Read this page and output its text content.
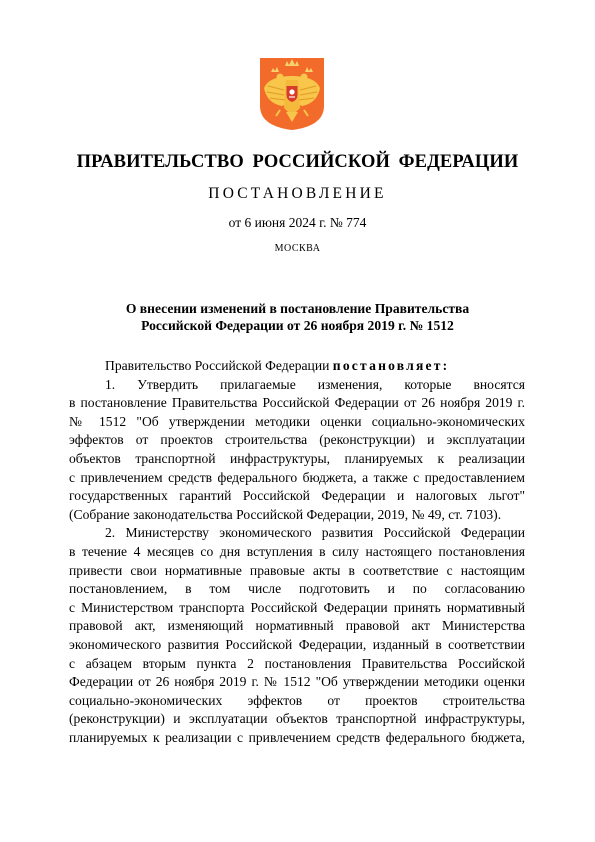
ПРАВИТЕЛЬСТВО РОССИЙСКОЙ ФЕДЕРАЦИИ
ПОСТАНОВЛЕНИЕ
от 6 июня 2024 г. № 774
МОСКВА
О внесении изменений в постановление Правительства
Российской Федерации от 26 ноября 2019 г. № 1512
Правительство Российской Федерации постановляет:
1. Утвердить прилагаемые изменения, которые вносятся
в постановление Правительства Российской Федерации от 26 ноября 2019 г.
№ 1512 "Об утверждении методики оценки социально-экономических
эффектов от проектов строительства (реконструкции) и эксплуатации
объектов транспортной инфраструктуры, планируемых к реализации
с привлечением средств федерального бюджета, а также с предоставлением
государственных гарантий Российской Федерации и налоговых льгот"
(Собрание законодательства Российской Федерации, 2019, № 49, ст. 7103).
2. Министерству экономического развития Российской Федерации
в течение 4 месяцев со дня вступления в силу настоящего постановления
привести свои нормативные правовые акты в соответствие с настоящим
постановлением, в том числе подготовить и по согласованию
с Министерством транспорта Российской Федерации принять нормативный
правовой акт, изменяющий нормативный правовой акт Министерства
экономического развития Российской Федерации, изданный в соответствии
с абзацем вторым пункта 2 постановления Правительства Российской
Федерации от 26 ноября 2019 г. № 1512 "Об утверждении методики оценки
социально-экономических эффектов от проектов строительства
(реконструкции) и эксплуатации объектов транспортной инфраструктуры,
планируемых к реализации с привлечением средств федерального бюджета,
